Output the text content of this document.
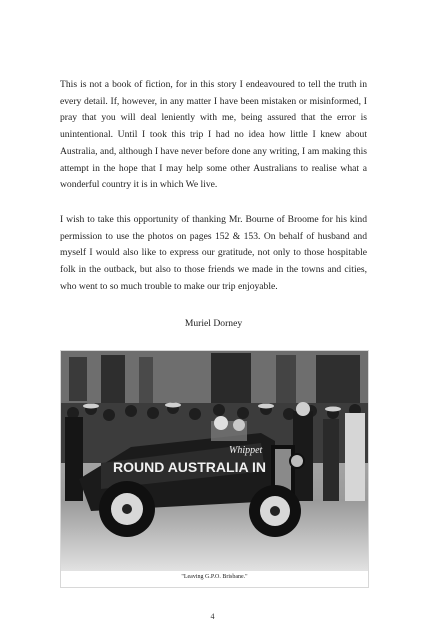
This is not a book of fiction, for in this story I endeavoured to tell the truth in every detail. If, however, in any matter I have been mistaken or misinformed, I pray that you will deal leniently with me, being assured that the error is unintentional. Until I took this trip I had no idea how little I knew about Australia, and, although I have never before done any writing, I am making this attempt in the hope that I may help some other Australians to realise what a wonderful country it is in which We live.

I wish to take this opportunity of thanking Mr. Bourne of Broome for his kind permission to use the photos on pages 152 & 153. On behalf of husband and myself I would also like to express our gratitude, not only to those hospitable folk in the outback, but also to those friends we made in the towns and cities, who went to so much trouble to make our trip enjoyable.

Muriel Dorney

ROUND AUSTRALIA IN
Whippet
"Leaving G.P.O. Brisbane."
4
